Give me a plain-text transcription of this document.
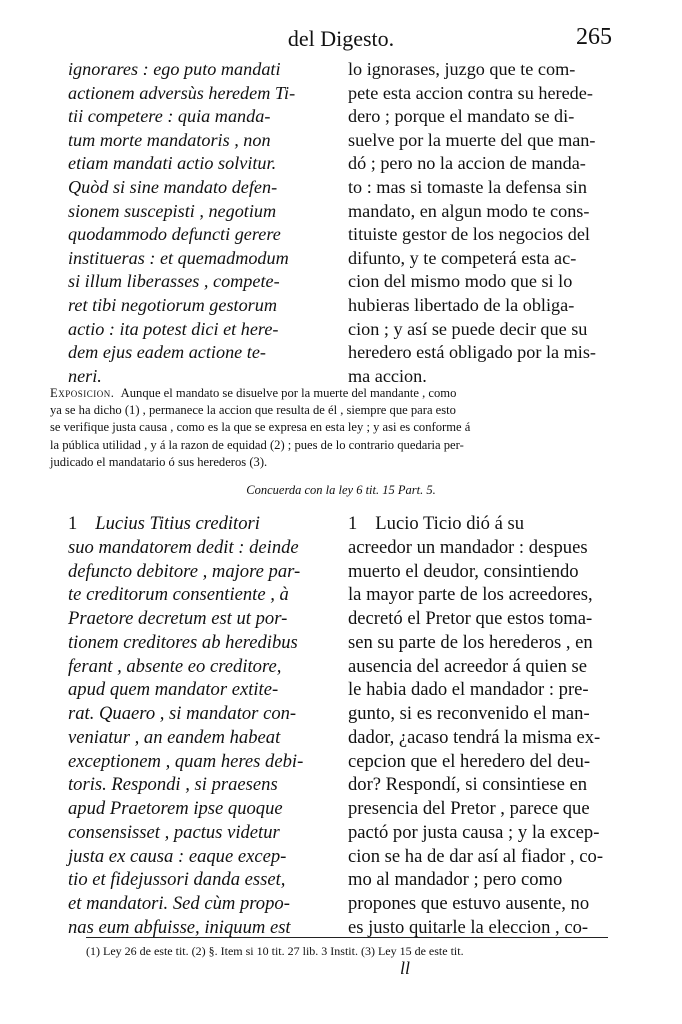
del Digesto.	265
ignorares : ego puto mandati
actionem adversùs heredem Ti-
tii competere : quia manda-
tum morte mandatoris , non
etiam mandati actio solvitur.
Quòd si sine mandato defen-
sionem suscepisti , negotium
quodammodo defuncti gerere
institueras : et quemadmodum
si illum liberasses , compete-
ret tibi negotiorum gestorum
actio : ita potest dici et here-
dem ejus eadem actione te-
neri.
lo ignorases, juzgo que te com-
pete esta accion contra su herede-
dero ; porque el mandato se di-
suelve por la muerte del que man-
dó ; pero no la accion de manda-
to : mas si tomaste la defensa sin
mandato, en algun modo te cons-
tituiste gestor de los negocios del
difunto, y te competerá esta ac-
cion del mismo modo que si lo
hubieras libertado de la obliga-
cion ; y así se puede decir que su
heredero está obligado por la mis-
ma accion.
Exposicion. Aunque el mandato se disuelve por la muerte del mandante , como
ya se ha dicho (1) , permanece la accion que resulta de él , siempre que para esto
se verifique justa causa , como es la que se expresa en esta ley ; y asi es conforme á
la pública utilidad , y á la razon de equidad (2) ; pues de lo contrario quedaria per-
judicado el mandatario ó sus herederos (3).
Concuerda con la ley 6 tit. 15 Part. 5.
1 Lucius Titius creditori
suo mandatorem dedit : deinde
defuncto debitore , majore par-
te creditorum consentiente , à
Praetore decretum est ut por-
tionem creditores ab heredibus
ferant , absente eo creditore,
apud quem mandator extite-
rat. Quaero , si mandator con-
veniatur , an eandem habeat
exceptionem , quam heres debi-
toris. Respondi , si praesens
apud Praetorem ipse quoque
consensisset , pactus videtur
justa ex causa : eaque excep-
tio et fidejussori danda esset,
et mandatori. Sed cùm propo-
nas eum abfuisse, iniquum est
1 Lucio Ticio dió á su
acreedor un mandador : despues
muerto el deudor, consintiendo
la mayor parte de los acreedores,
decretó el Pretor que estos toma-
sen su parte de los herederos , en
ausencia del acreedor á quien se
le habia dado el mandador : pre-
gunto, si es reconvenido el man-
dador, ¿acaso tendrá la misma ex-
cepcion que el heredero del deu-
dor? Respondí, si consintiese en
presencia del Pretor , parece que
pactó por justa causa ; y la excep-
cion se ha de dar así al fiador , co-
mo al mandador ; pero como
propones que estuvo ausente, no
es justo quitarle la eleccion , co-
(1) Ley 26 de este tit. (2) §. Item si 10 tit. 27 lib. 3 Instit. (3) Ley 15 de este tit.
ll
